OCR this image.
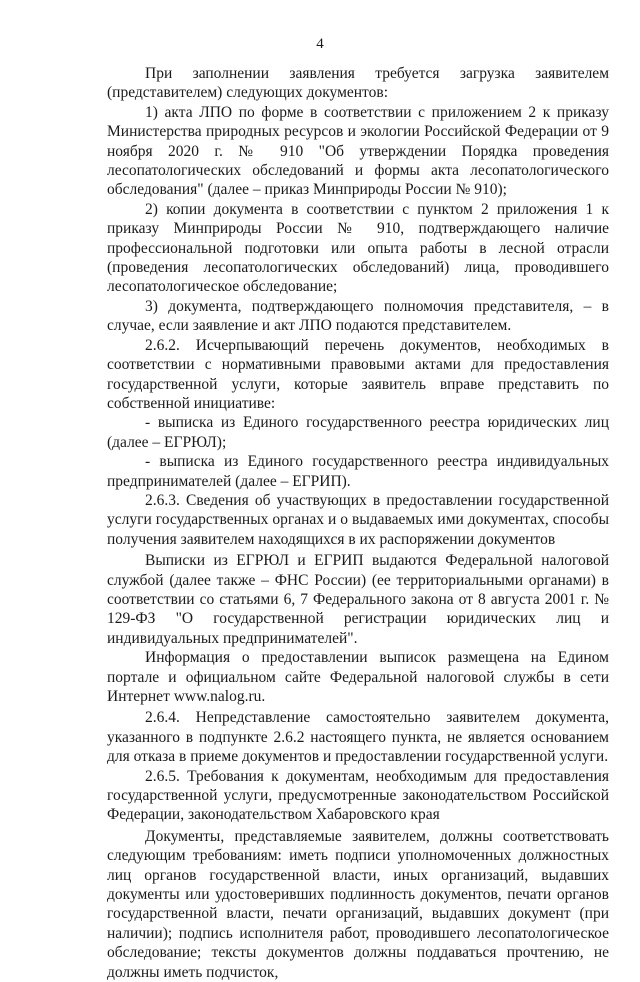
4

При заполнении заявления требуется загрузка заявителем (представителем) следующих документов:

1) акта ЛПО по форме в соответствии с приложением 2 к приказу Министерства природных ресурсов и экологии Российской Федерации от 9 ноября 2020 г. № 910 "Об утверждении Порядка проведения лесопатологических обследований и формы акта лесопатологического обследования" (далее – приказ Минприроды России № 910);

2) копии документа в соответствии с пунктом 2 приложения 1 к приказу Минприроды России № 910, подтверждающего наличие профессиональной подготовки или опыта работы в лесной отрасли (проведения лесопатологических обследований) лица, проводившего лесопатологическое обследование;

3) документа, подтверждающего полномочия представителя, – в случае, если заявление и акт ЛПО подаются представителем.

2.6.2. Исчерпывающий перечень документов, необходимых в соответствии с нормативными правовыми актами для предоставления государственной услуги, которые заявитель вправе представить по собственной инициативе:

- выписка из Единого государственного реестра юридических лиц (далее – ЕГРЮЛ);

- выписка из Единого государственного реестра индивидуальных предпринимателей (далее – ЕГРИП).

2.6.3. Сведения об участвующих в предоставлении государственной услуги государственных органах и о выдаваемых ими документах, способы получения заявителем находящихся в их распоряжении документов

Выписки из ЕГРЮЛ и ЕГРИП выдаются Федеральной налоговой службой (далее также – ФНС России) (ее территориальными органами) в соответствии со статьями 6, 7 Федерального закона от 8 августа 2001 г. № 129-ФЗ "О государственной регистрации юридических лиц и индивидуальных предпринимателей".

Информация о предоставлении выписок размещена на Едином портале и официальном сайте Федеральной налоговой службы в сети Интернет www.nalog.ru.

2.6.4. Непредставление самостоятельно заявителем документа, указанного в подпункте 2.6.2 настоящего пункта, не является основанием для отказа в приеме документов и предоставлении государственной услуги.

2.6.5. Требования к документам, необходимым для предоставления государственной услуги, предусмотренные законодательством Российской Федерации, законодательством Хабаровского края

Документы, представляемые заявителем, должны соответствовать следующим требованиям: иметь подписи уполномоченных должностных лиц органов государственной власти, иных организаций, выдавших документы или удостоверивших подлинность документов, печати органов государственной власти, печати организаций, выдавших документ (при наличии); подпись исполнителя работ, проводившего лесопатологическое обследование; тексты документов должны поддаваться прочтению, не должны иметь подчисток,
